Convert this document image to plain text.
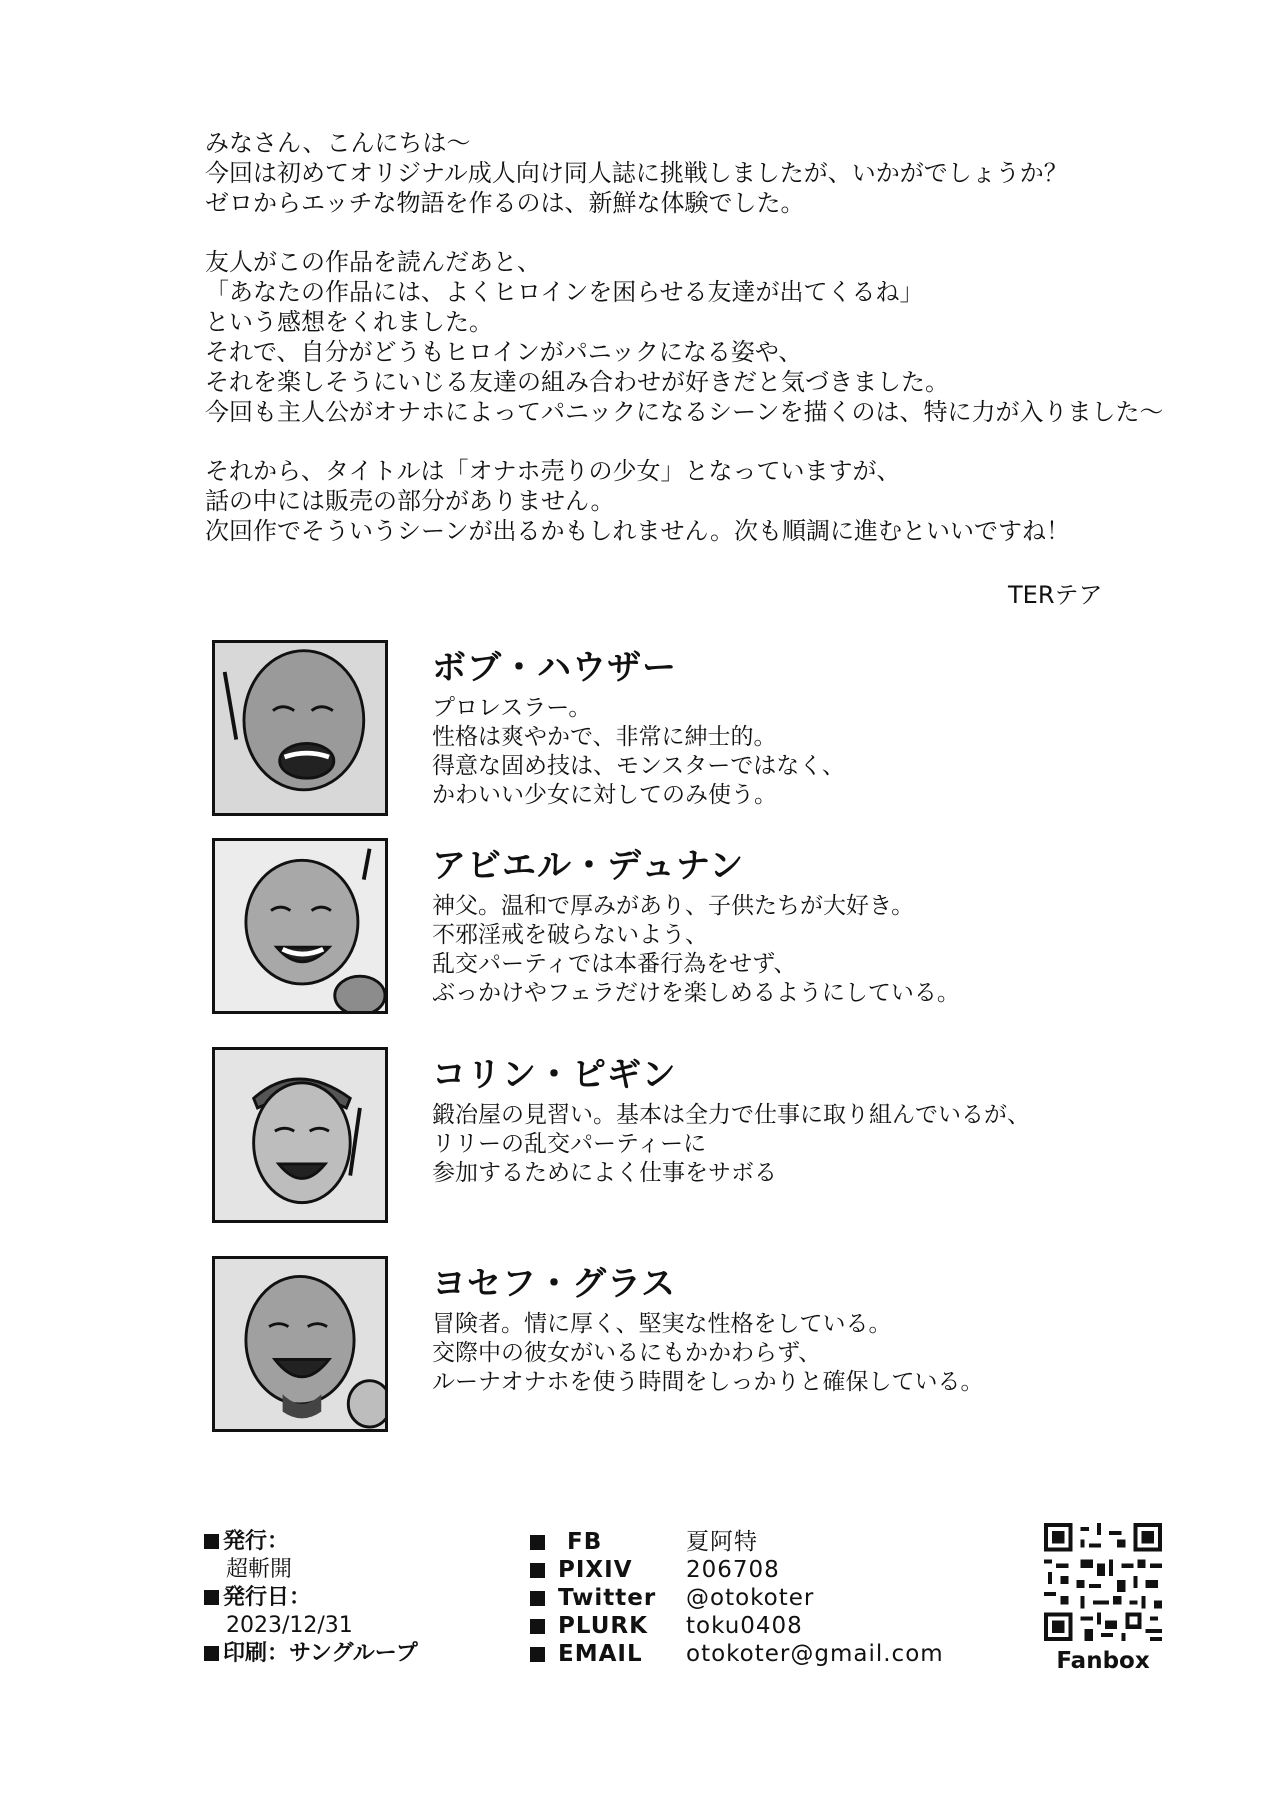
みなさん、こんにちは〜
今回は初めてオリジナル成人向け同人誌に挑戦しましたが、いかがでしょうか？
ゼロからエッチな物語を作るのは、新鮮な体験でした。
友人がこの作品を読んだあと、
「あなたの作品には、よくヒロインを困らせる友達が出てくるね」
という感想をくれました。
それで、自分がどうもヒロインがパニックになる姿や、
それを楽しそうにいじる友達の組み合わせが好きだと気づきました。
今回も主人公がオナホによってパニックになるシーンを描くのは、特に力が入りました〜
それから、タイトルは「オナホ売りの少女」となっていますが、
話の中には販売の部分がありません。
次回作でそういうシーンが出るかもしれません。次も順調に進むといいですね！
TERテア
ボブ・ハウザー
プロレスラー。
性格は爽やかで、非常に紳士的。
得意な固め技は、モンスターではなく、
かわいい少女に対してのみ使う。
アビエル・デュナン
神父。温和で厚みがあり、子供たちが大好き。
不邪淫戒を破らないよう、
乱交パーティでは本番行為をせず、
ぶっかけやフェラだけを楽しめるようにしている。
コリン・ピギン
鍛冶屋の見習い。基本は全力で仕事に取り組んでいるが、
リリーの乱交パーティーに
参加するためによく仕事をサボる
ヨセフ・グラス
冒険者。情に厚く、堅実な性格をしている。
交際中の彼女がいるにもかかわらず、
ルーナオナホを使う時間をしっかりと確保している。
発行：
超斬開
発行日：
2023/12/31
印刷：サングループ
FB	夏阿特
PIXIV 206708
Twitter @otokoter
PLURK toku0408
EMAIL otokoter@gmail.com	Fanbox
